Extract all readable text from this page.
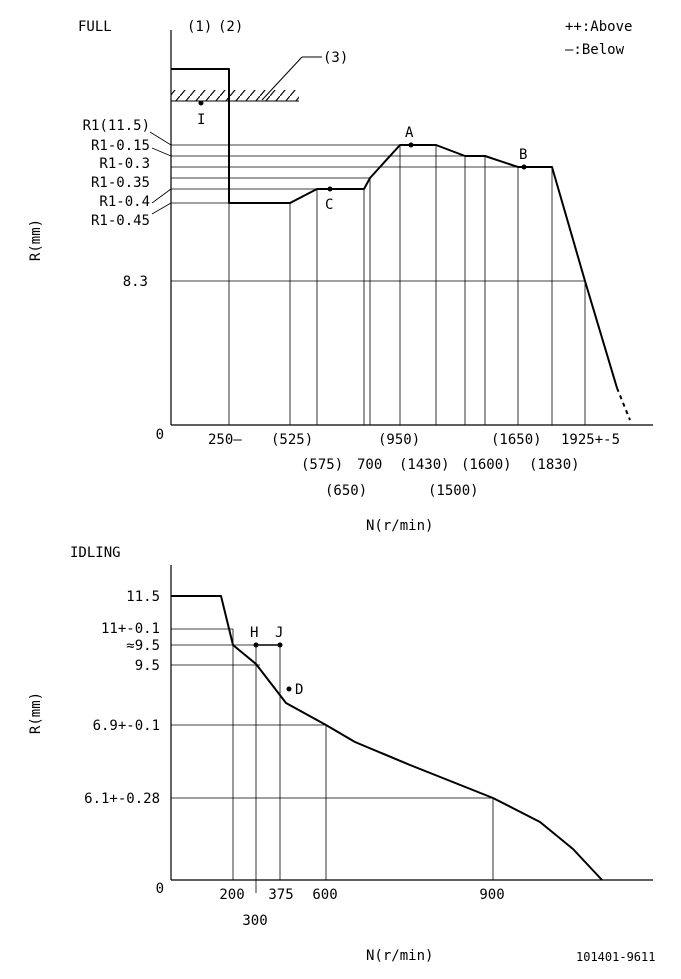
FULL	(1) (2)	++:Above
—:Below
(3)
I
A
B
C
R1(11.5)
R1-0.15
R1-0.3
R1-0.35
R1-0.4
R1-0.45
8.3
0
R(mm)
250— (525)
(575) 700
(650)
(950)
(1430)
(1500)
(1600)
(1650)
(1830)
1925+-5
N(r/min)
IDLING
H J
D
11.5
11+-0.1
≈9.5
9.5
6.9+-0.1
6.1+-0.28
0
R(mm)
200
300
375 600	900
N(r/min)	101401-9611
